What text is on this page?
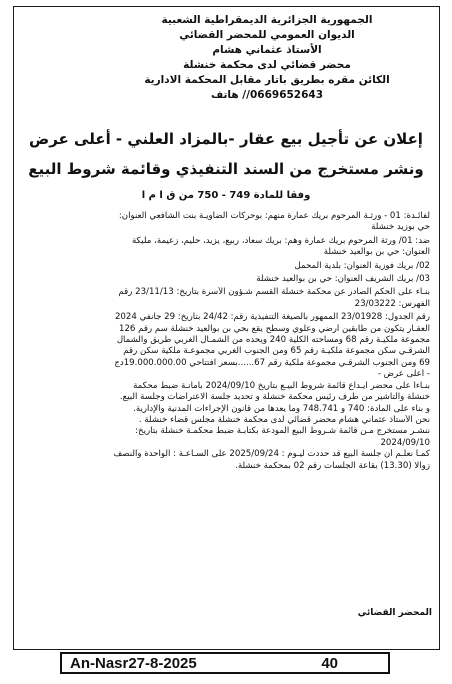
الجمهورية الجزائرية الديمقراطية الشعبية
الديوان العمومي للمحضر القضائي
الأستاذ عثماني هشام
محضر قضائي لدى محكمة خنشلة
الكائن مقره بطريق باتار مقابل المحكمة الادارية
0669652643// هاتف
إعلان عن تأجيل بيع عقار -بالمزاد العلني - أعلى عرض
ونشر مستخرج من السند التنفيذي وقائمة شروط البيع
وفقا للمادة 749 - 750 من ق ا م ا
لفائـدة: 01 - ورثـة المرحوم بريك عمارة منهم: بوحركات الضاويـة بنت الشافعي العنوان:
حي بوزيد خنشلة
ضد: 01/ ورثة المرحوم بريك عمارة وهم: بريك سعاد، ربيع، يزيد، حليم، زعيمة، مليكة
العنوان: حي بن بوالعيد خنشلة
02/ بريك فوزية العنوان: بلدية المحمل
03/ بريك الشريف العنوان: حي بن بوالعيد خنشلة
بنـاء على الحكم الصادر عن محكمة خنشلة القسم شـؤون الأسرة بتاريخ: 23/11/13 رقم
الفهرس: 23/03222
رقم الجدول: 23/01928 الممهور بالصيغة التنفيذية رقم: 24/42 بتاريخ: 29 جانفي 2024
العقـار يتكون من طابقين أرضي وعلوي وسطح يقع بحي بن بوالعيد خنشلة سم رقم 126
مجموعة ملكيـة رقم 68 ومساحته الكلية 240 ويحده من الشمـال الغربي طريق والشمال
الشرقـي سكن مجموعة ملكيـة رقم 65 ومن الجنوب الغربي مجموعـة ملكية سكن رقم
69 ومن الجنوب الشرقـي مجموعة ملكية رقم 67......بسعر افتتاحي 19.000.000.00دج
- أعلى عرض -
بنـاءا على محضر ايـداع قائمة شروط البيـع بتاريخ 2024/09/10 بأمانـة ضبط محكمة
خنشلة والتأشير من طرف رئيس محكمة خنشلة و تحديد جلسة الاعتراضات وجلسة البيع.
و بناء على المادة: 740 و 748.741 وما يعدها من قانون الإجراءات المدنية والإدارية.
نحن الأستاذ عثماني هشام محضر قضائي لدى محكمة خنشلة مجلس قضاء خنشلة .
ننشـر مستخرج مـن قائمة شـروط البيع المودعة بكتابـة ضبط محكمـة خنشلة بتاريخ:
2024/09/10
كمـا نعلـم أن جلسة البيع قد حددت ليـوم : 2025/09/24 على السـاعـة : الواحدة والنصف
زوالا (13.30) بقاعة الجلسات رقم 02 بمحكمة خنشلة.
المحضر القضائي
An-Nasr27-8-2025	40
